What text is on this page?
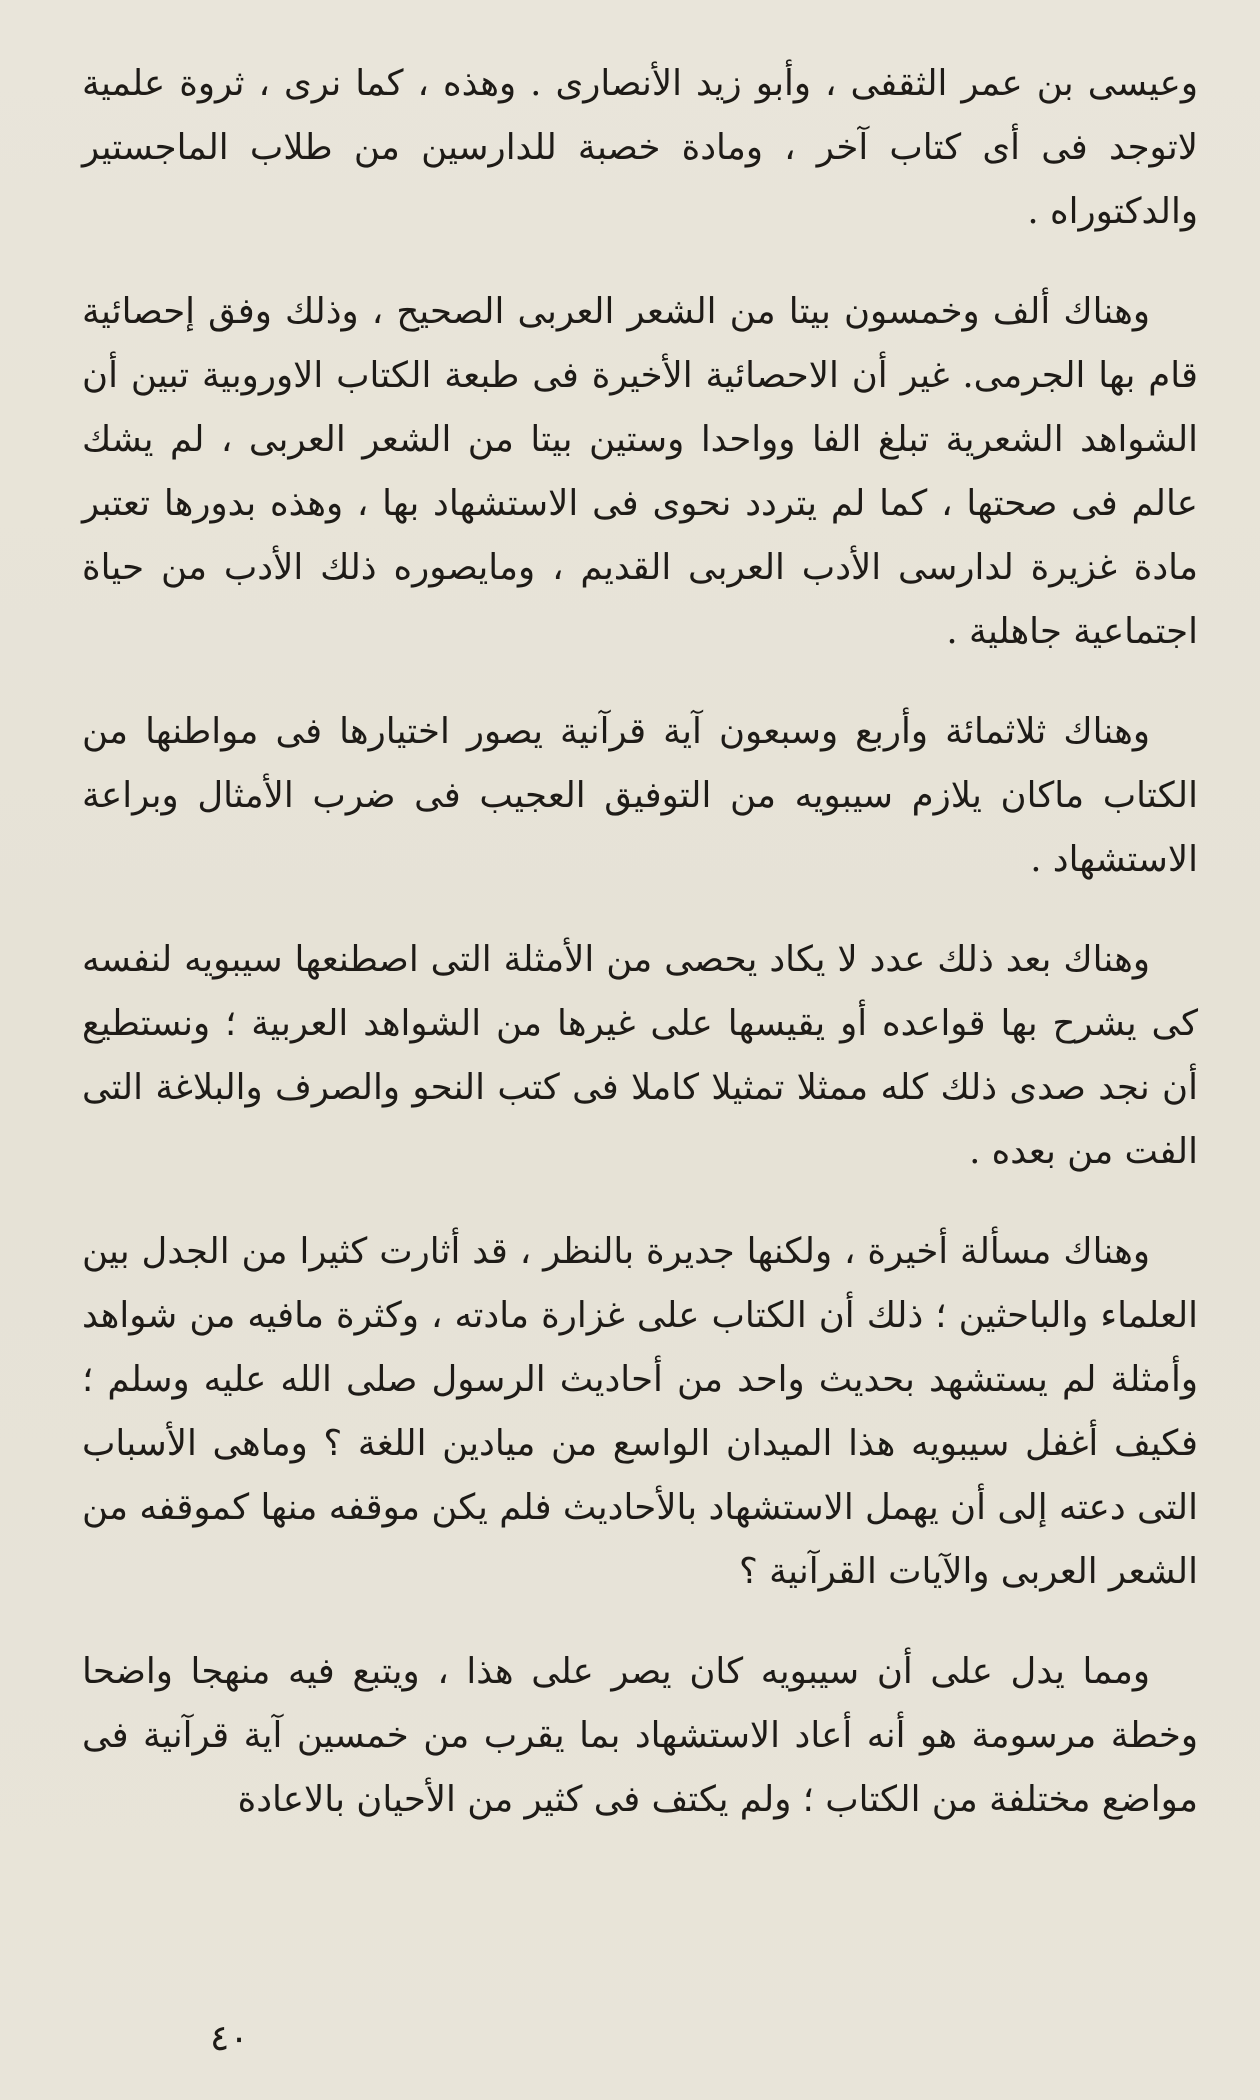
وعيسى بن عمر الثقفى ، وأبو زيد الأنصارى . وهذه ، كما نرى ، ثروة علمية لاتوجد فى أى كتاب آخر ، ومادة خصبة للدارسين من طلاب الماجستير والدكتوراه .

وهناك ألف وخمسون بيتا من الشعر العربى الصحيح ، وذلك وفق إحصائية قام بها الجرمى. غير أن الاحصائية الأخيرة فى طبعة الكتاب الاوروبية تبين أن الشواهد الشعرية تبلغ الفا وواحدا وستين بيتا من الشعر العربى ، لم يشك عالم فى صحتها ، كما لم يتردد نحوى فى الاستشهاد بها ، وهذه بدورها تعتبر مادة غزيرة لدارسى الأدب العربى القديم ، ومايصوره ذلك الأدب من حياة اجتماعية جاهلية .

وهناك ثلاثمائة وأربع وسبعون آية قرآنية يصور اختيارها فى مواطنها من الكتاب ماكان يلازم سيبويه من التوفيق العجيب فى ضرب الأمثال وبراعة الاستشهاد .

وهناك بعد ذلك عدد لا يكاد يحصى من الأمثلة التى اصطنعها سيبويه لنفسه كى يشرح بها قواعده أو يقيسها على غيرها من الشواهد العربية ؛ ونستطيع أن نجد صدى ذلك كله ممثلا تمثيلا كاملا فى كتب النحو والصرف والبلاغة التى الفت من بعده .

وهناك مسألة أخيرة ، ولكنها جديرة بالنظر ، قد أثارت كثيرا من الجدل بين العلماء والباحثين ؛ ذلك أن الكتاب على غزارة مادته ، وكثرة مافيه من شواهد وأمثلة لم يستشهد بحديث واحد من أحاديث الرسول صلى الله عليه وسلم ؛ فكيف أغفل سيبويه هذا الميدان الواسع من ميادين اللغة ؟ وماهى الأسباب التى دعته إلى أن يهمل الاستشهاد بالأحاديث فلم يكن موقفه منها كموقفه من الشعر العربى والآيات القرآنية ؟

ومما يدل على أن سيبويه كان يصر على هذا ، ويتبع فيه منهجا واضحا وخطة مرسومة هو أنه أعاد الاستشهاد بما يقرب من خمسين آية قرآنية فى مواضع مختلفة من الكتاب ؛ ولم يكتف فى كثير من الأحيان بالاعادة

٤٠
